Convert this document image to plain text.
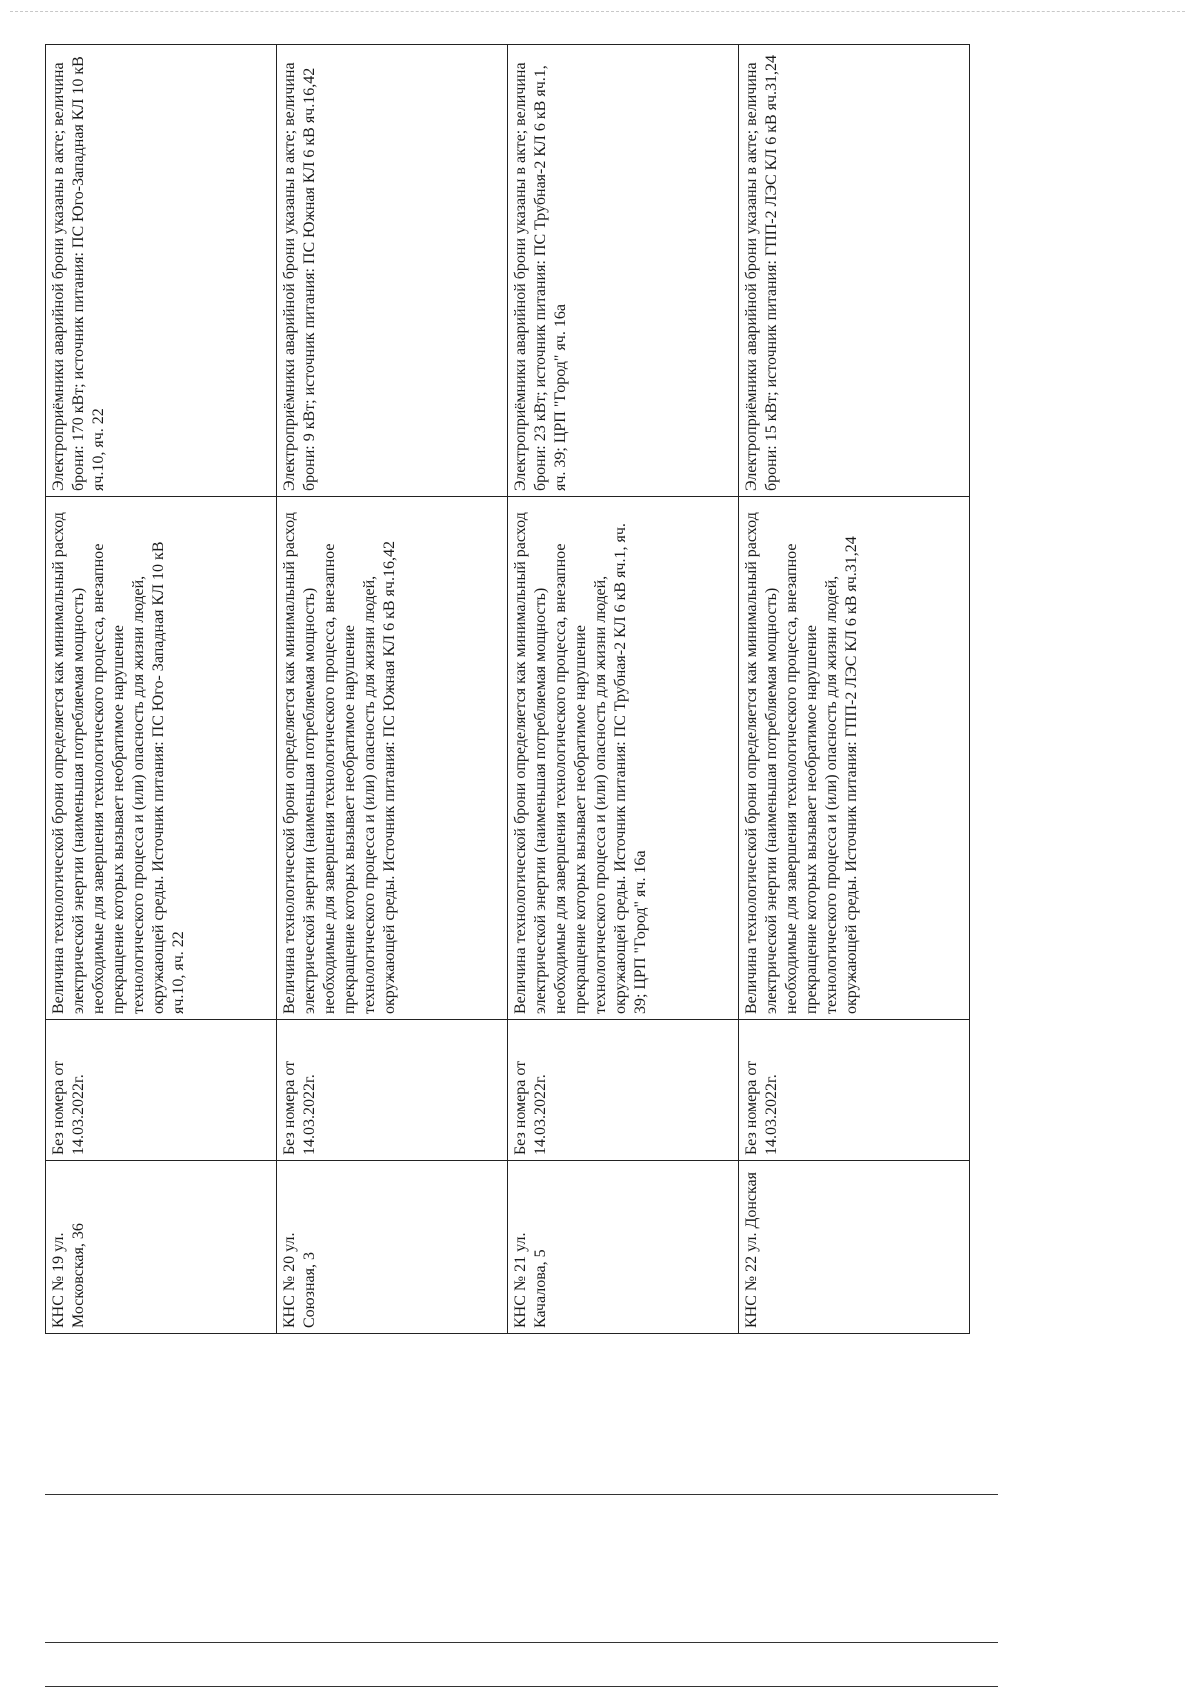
КНС № 19 ул. Московская, 36	Без номера от 14.03.2022г.	Величина технологической брони определяется как минимальный расход электрической энергии (наименьшая потребляемая мощность) необходимые для завершения технологического процесса, внезапное прекращение которых вызывает необратимое нарушение технологического процесса и (или) опасность для жизни людей, окружающей среды. Источник питания: ПС Юго- Западная КЛ 10 кВ яч.10, яч. 22	Электроприёмники аварийной брони указаны в акте; величина брони: 170 кВт; источник питания: ПС Юго-Западная КЛ 10 кВ яч.10, яч. 22
КНС № 20 ул. Союзная, 3	Без номера от 14.03.2022г.	Величина технологической брони определяется как минимальный расход электрической энергии (наименьшая потребляемая мощность) необходимые для завершения технологического процесса, внезапное прекращение которых вызывает необратимое нарушение технологического процесса и (или) опасность для жизни людей, окружающей среды. Источник питания: ПС Южная КЛ 6 кВ яч.16,42	Электроприёмники аварийной брони указаны в акте; величина брони: 9 кВт; источник питания: ПС Южная КЛ 6 кВ яч.16,42
КНС № 21 ул. Качалова, 5	Без номера от 14.03.2022г.	Величина технологической брони определяется как минимальный расход электрической энергии (наименьшая потребляемая мощность) необходимые для завершения технологического процесса, внезапное прекращение которых вызывает необратимое нарушение технологического процесса и (или) опасность для жизни людей, окружающей среды. Источник питания: ПС Трубная-2 КЛ 6 кВ яч.1, яч. 39; ЦРП "Город" яч. 16а	Электроприёмники аварийной брони указаны в акте; величина брони: 23 кВт; источник питания: ПС Трубная-2 КЛ 6 кВ яч.1, яч. 39; ЦРП "Город" яч. 16а
КНС № 22 ул. Донская	Без номера от 14.03.2022г.	Величина технологической брони определяется как минимальный расход электрической энергии (наименьшая потребляемая мощность) необходимые для завершения технологического процесса, внезапное прекращение которых вызывает необратимое нарушение технологического процесса и (или) опасность для жизни людей, окружающей среды. Источник питания: ГПП-2 ЛЭС КЛ 6 кВ яч.31,24	Электроприёмники аварийной брони указаны в акте; величина брони: 15 кВт; источник питания: ГПП-2 ЛЭС КЛ 6 кВ яч.31,24
